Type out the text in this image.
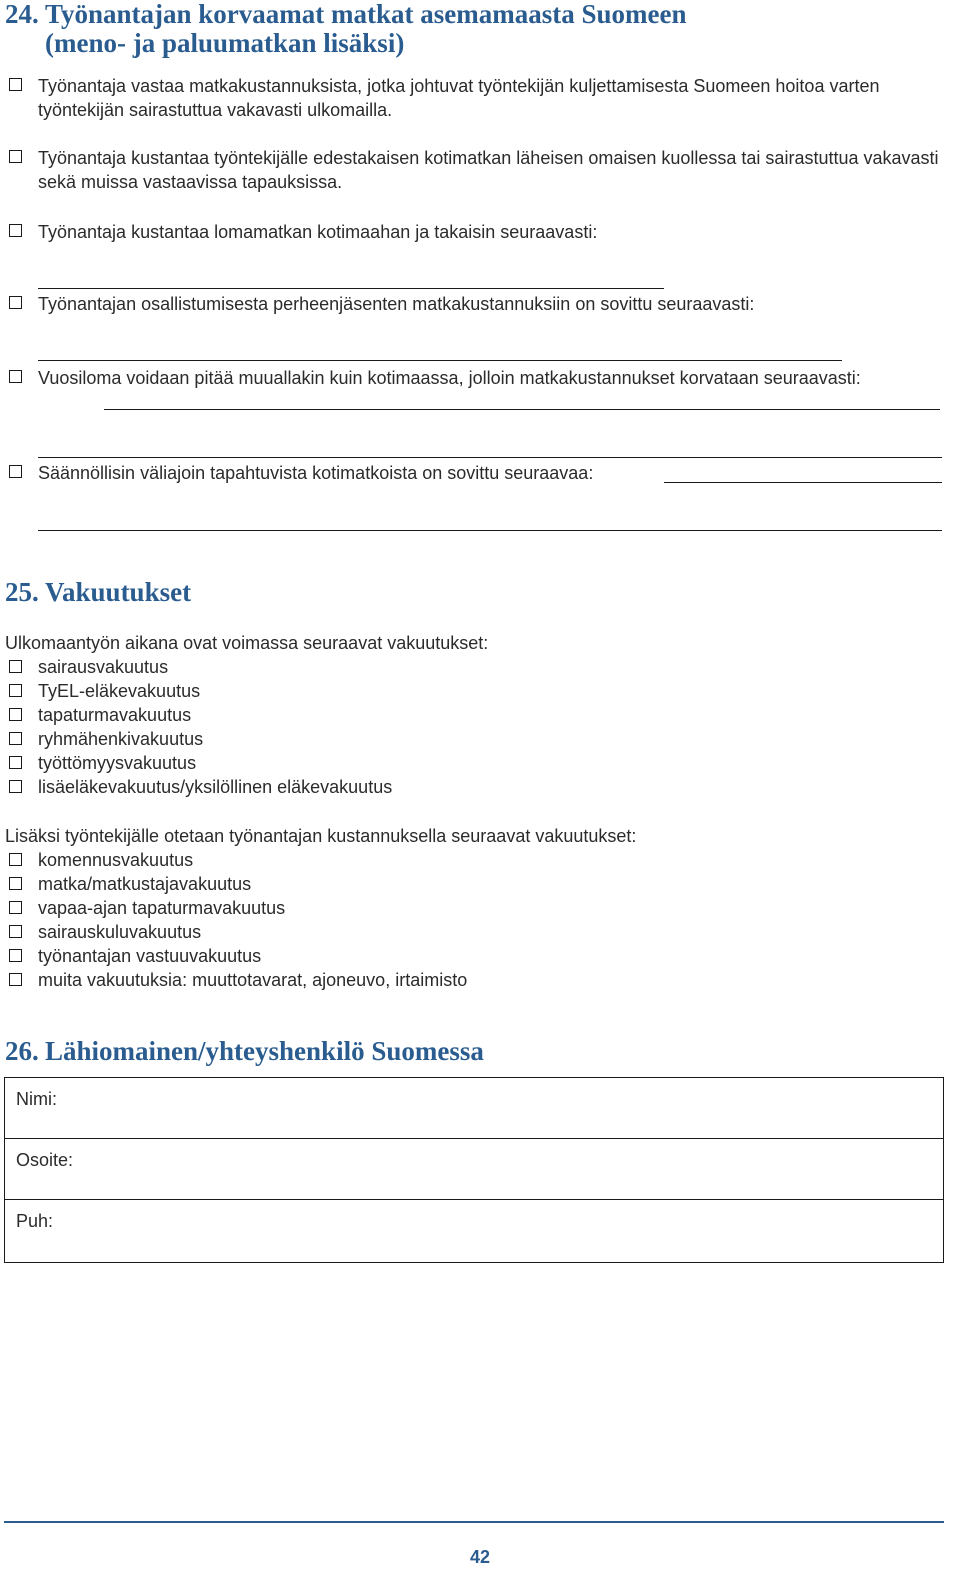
24. Työnantajan korvaamat matkat asemamaasta Suomeen
(meno- ja paluumatkan lisäksi)
Työnantaja vastaa matkakustannuksista, jotka johtuvat työntekijän kuljettamisesta Suomeen hoitoa varten työntekijän sairastuttua vakavasti ulkomailla.
Työnantaja kustantaa työntekijälle edestakaisen kotimatkan läheisen omaisen kuollessa tai sairastuttua vakavasti sekä muissa vastaavissa tapauksissa.
Työnantaja kustantaa lomamatkan kotimaahan ja takaisin seuraavasti:
Työnantajan osallistumisesta perheenjäsenten matkakustannuksiin on sovittu seuraavasti:
Vuosiloma voidaan pitää muuallakin kuin kotimaassa, jolloin matkakustannukset korvataan seuraavasti:
Säännöllisin väliajoin tapahtuvista kotimatkoista on sovittu seuraavaa:
25. Vakuutukset

Ulkomaantyön aikana ovat voimassa seuraavat vakuutukset:

sairausvakuutus
TyEL-eläkevakuutus
tapaturmavakuutus
ryhmähenkivakuutus
työttömyysvakuutus
lisäeläkevakuutus/yksilöllinen eläkevakuutus

Lisäksi työntekijälle otetaan työnantajan kustannuksella seuraavat vakuutukset:

komennusvakuutus
matka/matkustajavakuutus
vapaa-ajan tapaturmavakuutus
sairauskuluvakuutus
työnantajan vastuuvakuutus
muita vakuutuksia: muuttotavarat, ajoneuvo, irtaimisto
26. Lähiomainen/yhteyshenkilö Suomessa
Nimi:
Osoite:
Puh:
42
